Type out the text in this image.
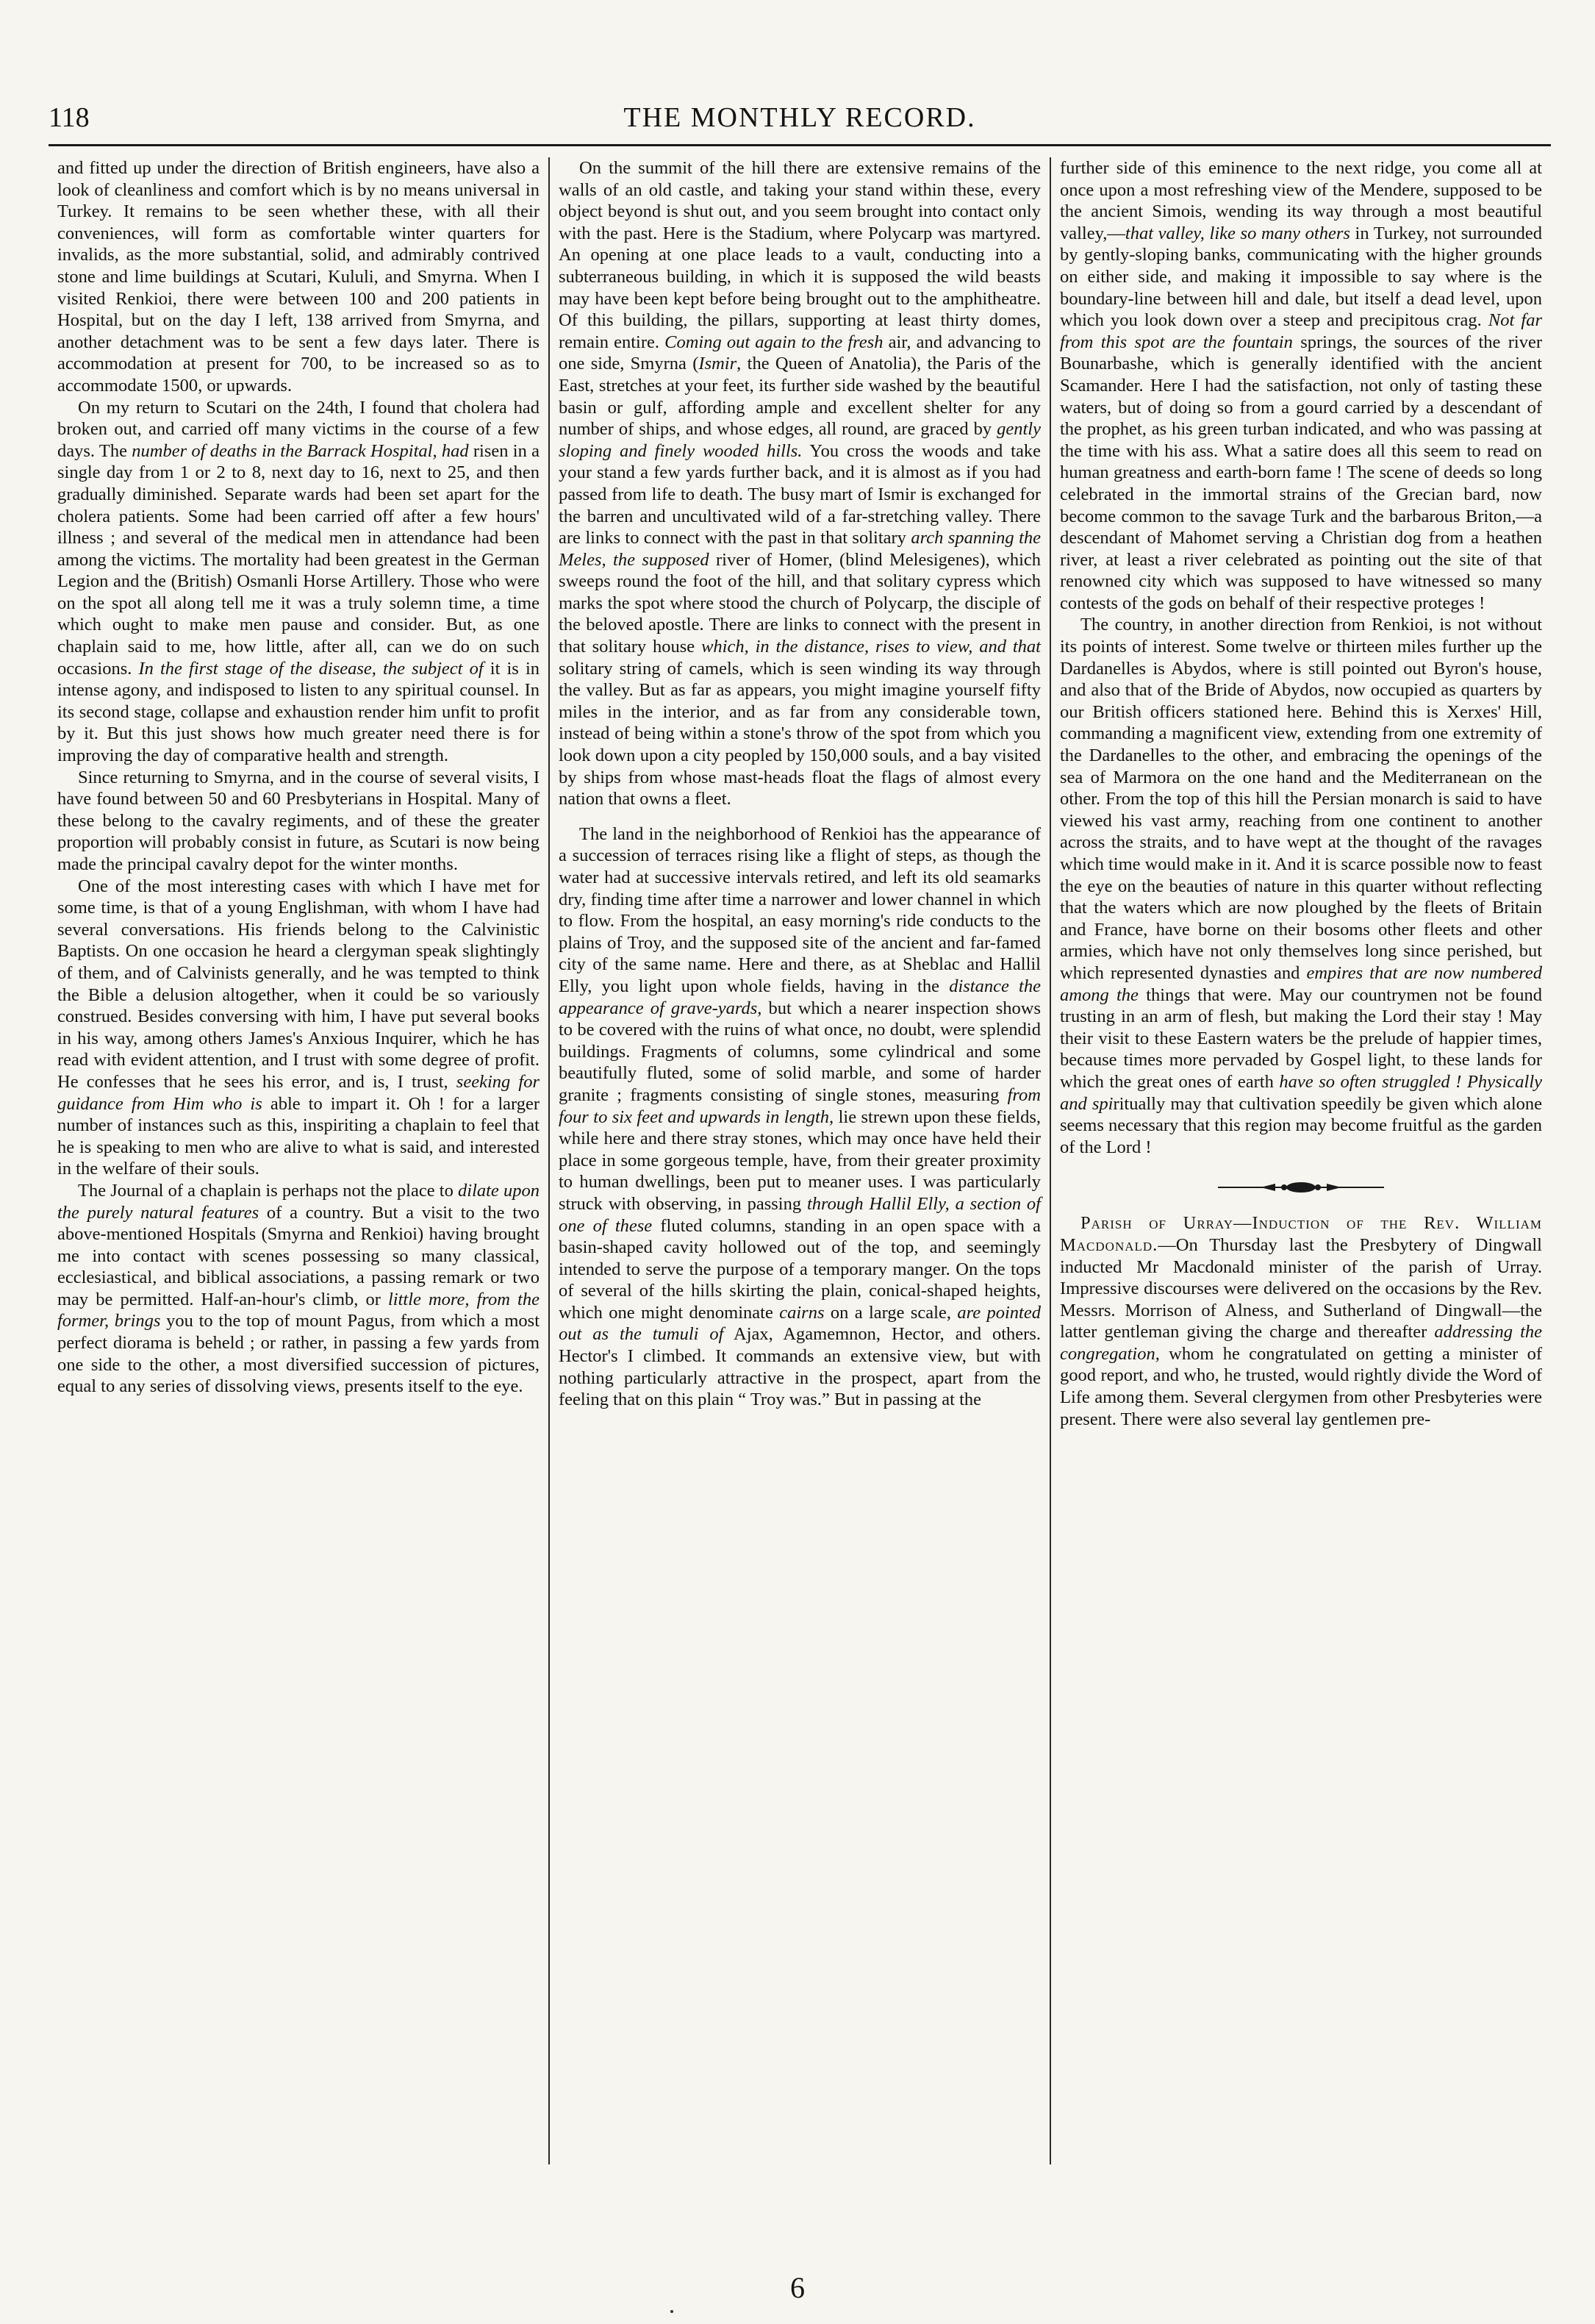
118	THE MONTHLY RECORD.

and fitted up under the direction of British engineers, have also a look of cleanliness and comfort which is by no means universal in Turkey. It remains to be seen whether these, with all their conveniences, will form as comfortable winter quarters for invalids, as the more substantial, solid, and admirably contrived stone and lime buildings at Scutari, Kululi, and Smyrna. When I visited Renkioi, there were between 100 and 200 patients in Hospital, but on the day I left, 138 arrived from Smyrna, and another detachment was to be sent a few days later. There is accommodation at present for 700, to be increased so as to accommodate 1500, or upwards.

On my return to Scutari on the 24th, I found that cholera had broken out, and carried off many victims in the course of a few days. The number of deaths in the Barrack Hospital, had risen in a single day from 1 or 2 to 8, next day to 16, next to 25, and then gradually diminished. Separate wards had been set apart for the cholera patients. Some had been carried off after a few hours' illness ; and several of the medical men in attendance had been among the victims. The mortality had been greatest in the German Legion and the (British) Osmanli Horse Artillery. Those who were on the spot all along tell me it was a truly solemn time, a time which ought to make men pause and consider. But, as one chaplain said to me, how little, after all, can we do on such occasions. In the first stage of the disease, the subject of it is in intense agony, and indisposed to listen to any spiritual counsel. In its second stage, collapse and exhaustion render him unfit to profit by it. But this just shows how much greater need there is for improving the day of comparative health and strength.

Since returning to Smyrna, and in the course of several visits, I have found between 50 and 60 Presbyterians in Hospital. Many of these belong to the cavalry regiments, and of these the greater proportion will probably consist in future, as Scutari is now being made the principal cavalry depot for the winter months.

One of the most interesting cases with which I have met for some time, is that of a young Englishman, with whom I have had several conversations. His friends belong to the Calvinistic Baptists. On one occasion he heard a clergyman speak slightingly of them, and of Calvinists generally, and he was tempted to think the Bible a delusion altogether, when it could be so variously construed. Besides conversing with him, I have put several books in his way, among others James's Anxious Inquirer, which he has read with evident attention, and I trust with some degree of profit. He confesses that he sees his error, and is, I trust, seeking for guidance from Him who is able to impart it. Oh ! for a larger number of instances such as this, inspiriting a chaplain to feel that he is speaking to men who are alive to what is said, and interested in the welfare of their souls.

The Journal of a chaplain is perhaps not the place to dilate upon the purely natural features of a country. But a visit to the two above-mentioned Hospitals (Smyrna and Renkioi) having brought me into contact with scenes possessing so many classical, ecclesiastical, and biblical associations, a passing remark or two may be permitted. Half-an-hour's climb, or little more, from the former, brings you to the top of mount Pagus, from which a most perfect diorama is beheld ; or rather, in passing a few yards from one side to the other, a most diversified succession of pictures, equal to any series of dissolving views, presents itself to the eye.

On the summit of the hill there are extensive remains of the walls of an old castle, and taking your stand within these, every object beyond is shut out, and you seem brought into contact only with the past. Here is the Stadium, where Polycarp was martyred. An opening at one place leads to a vault, conducting into a subterraneous building, in which it is supposed the wild beasts may have been kept before being brought out to the amphitheatre. Of this building, the pillars, supporting at least thirty domes, remain entire. Coming out again to the fresh air, and advancing to one side, Smyrna (Ismir, the Queen of Anatolia), the Paris of the East, stretches at your feet, its further side washed by the beautiful basin or gulf, affording ample and excellent shelter for any number of ships, and whose edges, all round, are graced by gently sloping and finely wooded hills. You cross the woods and take your stand a few yards further back, and it is almost as if you had passed from life to death. The busy mart of Ismir is exchanged for the barren and uncultivated wild of a far-stretching valley. There are links to connect with the past in that solitary arch spanning the Meles, the supposed river of Homer, (blind Melesigenes), which sweeps round the foot of the hill, and that solitary cypress which marks the spot where stood the church of Polycarp, the disciple of the beloved apostle. There are links to connect with the present in that solitary house which, in the distance, rises to view, and that solitary string of camels, which is seen winding its way through the valley. But as far as appears, you might imagine yourself fifty miles in the interior, and as far from any considerable town, instead of being within a stone's throw of the spot from which you look down upon a city peopled by 150,000 souls, and a bay visited by ships from whose mast-heads float the flags of almost every nation that owns a fleet.

The land in the neighborhood of Renkioi has the appearance of a succession of terraces rising like a flight of steps, as though the water had at successive intervals retired, and left its old seamarks dry, finding time after time a narrower and lower channel in which to flow. From the hospital, an easy morning's ride conducts to the plains of Troy, and the supposed site of the ancient and far-famed city of the same name. Here and there, as at Sheblac and Hallil Elly, you light upon whole fields, having in the distance the appearance of grave-yards, but which a nearer inspection shows to be covered with the ruins of what once, no doubt, were splendid buildings. Fragments of columns, some cylindrical and some beautifully fluted, some of solid marble, and some of harder granite ; fragments consisting of single stones, measuring from four to six feet and upwards in length, lie strewn upon these fields, while here and there stray stones, which may once have held their place in some gorgeous temple, have, from their greater proximity to human dwellings, been put to meaner uses. I was particularly struck with observing, in passing through Hallil Elly, a section of one of these fluted columns, standing in an open space with a basin-shaped cavity hollowed out of the top, and seemingly intended to serve the purpose of a temporary manger. On the tops of several of the hills skirting the plain, conical-shaped heights, which one might denominate cairns on a large scale, are pointed out as the tumuli of Ajax, Agamemnon, Hector, and others. Hector's I climbed. It commands an extensive view, but with nothing particularly attractive in the prospect, apart from the feeling that on this plain “ Troy was.” But in passing at the

further side of this eminence to the next ridge, you come all at once upon a most refreshing view of the Mendere, supposed to be the ancient Simois, wending its way through a most beautiful valley,—that valley, like so many others in Turkey, not surrounded by gently-sloping banks, communicating with the higher grounds on either side, and making it impossible to say where is the boundary-line between hill and dale, but itself a dead level, upon which you look down over a steep and precipitous crag. Not far from this spot are the fountain springs, the sources of the river Bounarbashe, which is generally identified with the ancient Scamander. Here I had the satisfaction, not only of tasting these waters, but of doing so from a gourd carried by a descendant of the prophet, as his green turban indicated, and who was passing at the time with his ass. What a satire does all this seem to read on human greatness and earth-born fame ! The scene of deeds so long celebrated in the immortal strains of the Grecian bard, now become common to the savage Turk and the barbarous Briton,—a descendant of Mahomet serving a Christian dog from a heathen river, at least a river celebrated as pointing out the site of that renowned city which was supposed to have witnessed so many contests of the gods on behalf of their respective proteges !

The country, in another direction from Renkioi, is not without its points of interest. Some twelve or thirteen miles further up the Dardanelles is Abydos, where is still pointed out Byron's house, and also that of the Bride of Abydos, now occupied as quarters by our British officers stationed here. Behind this is Xerxes' Hill, commanding a magnificent view, extending from one extremity of the Dardanelles to the other, and embracing the openings of the sea of Marmora on the one hand and the Mediterranean on the other. From the top of this hill the Persian monarch is said to have viewed his vast army, reaching from one continent to another across the straits, and to have wept at the thought of the ravages which time would make in it. And it is scarce possible now to feast the eye on the beauties of nature in this quarter without reflecting that the waters which are now ploughed by the fleets of Britain and France, have borne on their bosoms other fleets and other armies, which have not only themselves long since perished, but which represented dynasties and empires that are now numbered among the things that were. May our countrymen not be found trusting in an arm of flesh, but making the Lord their stay ! May their visit to these Eastern waters be the prelude of happier times, because times more pervaded by Gospel light, to these lands for which the great ones of earth have so often struggled ! Physically and spiritually may that cultivation speedily be given which alone seems necessary that this region may become fruitful as the garden of the Lord !

Parish of Urray—Induction of the Rev. William Macdonald.—On Thursday last the Presbytery of Dingwall inducted Mr Macdonald minister of the parish of Urray. Impressive discourses were delivered on the occasions by the Rev. Messrs. Morrison of Alness, and Sutherland of Dingwall—the latter gentleman giving the charge and thereafter addressing the congregation, whom he congratulated on getting a minister of good report, and who, he trusted, would rightly divide the Word of Life among them. Several clergymen from other Presbyteries were present. There were also several lay gentlemen pre-

6
